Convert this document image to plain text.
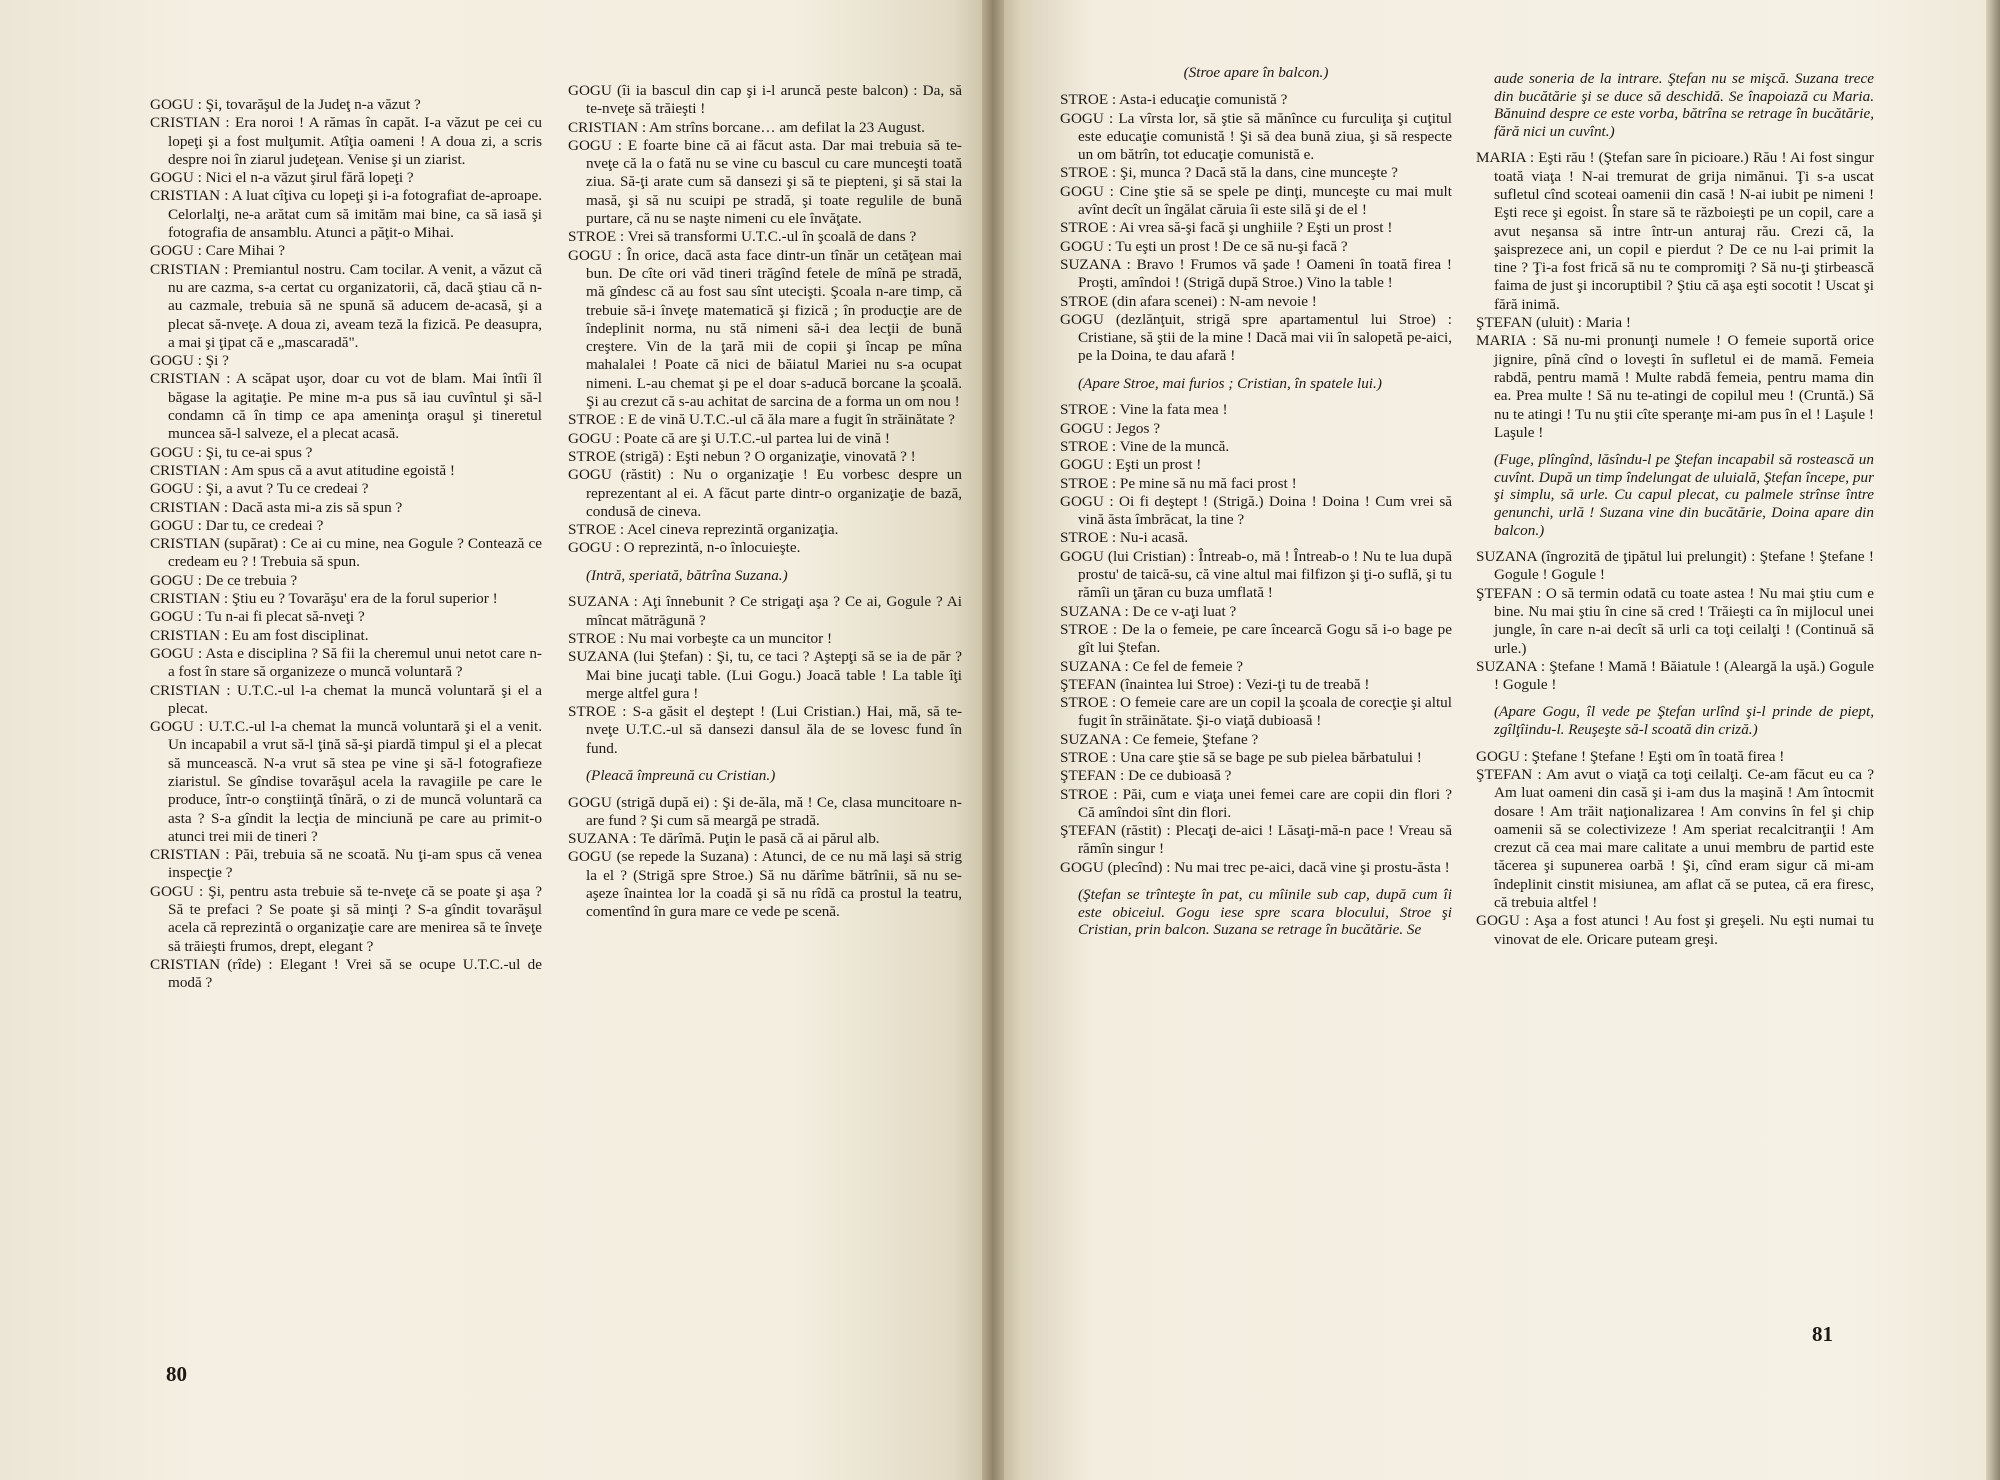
GOGU : Şi, tovarăşul de la Judeţ n-a văzut ?

CRISTIAN : Era noroi ! A rămas în capăt. I-a văzut pe cei cu lopeţi şi a fost mulţumit. Atîţia oameni ! A doua zi, a scris despre noi în ziarul judeţean. Venise şi un ziarist.

GOGU : Nici el n-a văzut şirul fără lopeţi ?

CRISTIAN : A luat cîţiva cu lopeţi şi i-a fotografiat de-aproape. Celorlalţi, ne-a arătat cum să imităm mai bine, ca să iasă şi fotografia de ansamblu. Atunci a păţit-o Mihai.

GOGU : Care Mihai ?

CRISTIAN : Premiantul nostru. Cam tocilar. A venit, a văzut că nu are cazma, s-a certat cu organizatorii, că, dacă ştiau că n-au cazmale, trebuia să ne spună să aducem de-acasă, şi a plecat să-nveţe. A doua zi, aveam teză la fizică. Pe deasupra, a mai şi ţipat că e „mascaradă".

GOGU : Şi ?

CRISTIAN : A scăpat uşor, doar cu vot de blam. Mai întîi îl băgase la agitaţie. Pe mine m-a pus să iau cuvîntul şi să-l condamn că în timp ce apa ameninţa oraşul şi tineretul muncea să-l salveze, el a plecat acasă.

GOGU : Şi, tu ce-ai spus ?

CRISTIAN : Am spus că a avut atitudine egoistă !

GOGU : Şi, a avut ? Tu ce credeai ?

CRISTIAN : Dacă asta mi-a zis să spun ?

GOGU : Dar tu, ce credeai ?

CRISTIAN (supărat) : Ce ai cu mine, nea Gogule ? Contează ce credeam eu ? ! Trebuia să spun.

GOGU : De ce trebuia ?

CRISTIAN : Ştiu eu ? Tovarăşu' era de la forul superior !

GOGU : Tu n-ai fi plecat să-nveţi ?

CRISTIAN : Eu am fost disciplinat.

GOGU : Asta e disciplina ? Să fii la cheremul unui netot care n-a fost în stare să organizeze o muncă voluntară ?

CRISTIAN : U.T.C.-ul l-a chemat la muncă voluntară şi el a plecat.

GOGU : U.T.C.-ul l-a chemat la muncă voluntară şi el a venit. Un incapabil a vrut să-l ţină să-şi piardă timpul şi el a plecat să muncească. N-a vrut să stea pe vine şi să-l fotografieze ziaristul. Se gîndise tovarăşul acela la ravagiile pe care le produce, într-o conştiinţă tînără, o zi de muncă voluntară ca asta ? S-a gîndit la lecţia de minciună pe care au primit-o atunci trei mii de tineri ?

CRISTIAN : Păi, trebuia să ne scoată. Nu ţi-am spus că venea inspecţie ?

GOGU : Şi, pentru asta trebuie să te-nveţe că se poate şi aşa ? Să te prefaci ? Se poate şi să minţi ? S-a gîndit tovarăşul acela că reprezintă o organizaţie care are menirea să te înveţe să trăieşti frumos, drept, elegant ?

CRISTIAN (rîde) : Elegant ! Vrei să se ocupe U.T.C.-ul de modă ?

GOGU (îi ia bascul din cap şi i-l aruncă peste balcon) : Da, să te-nveţe să trăieşti !

CRISTIAN : Am strîns borcane… am defilat la 23 August.

GOGU : E foarte bine că ai făcut asta. Dar mai trebuia să te-nveţe că la o fată nu se vine cu bascul cu care munceşti toată ziua. Să-ţi arate cum să dansezi şi să te piepteni, şi să stai la masă, şi să nu scuipi pe stradă, şi toate regulile de bună purtare, că nu se naşte nimeni cu ele învăţate.

STROE : Vrei să transformi U.T.C.-ul în şcoală de dans ?

GOGU : În orice, dacă asta face dintr-un tînăr un cetăţean mai bun. De cîte ori văd tineri trăgînd fetele de mînă pe stradă, mă gîndesc că au fost sau sînt utecişti. Şcoala n-are timp, că trebuie să-i înveţe matematică şi fizică ; în producţie are de îndeplinit norma, nu stă nimeni să-i dea lecţii de bună creştere. Vin de la ţară mii de copii şi încap pe mîna mahalalei ! Poate că nici de băiatul Mariei nu s-a ocupat nimeni. L-au chemat şi pe el doar s-aducă borcane la şcoală. Şi au crezut că s-au achitat de sarcina de a forma un om nou !

STROE : E de vină U.T.C.-ul că ăla mare a fugit în străinătate ?

GOGU : Poate că are şi U.T.C.-ul partea lui de vină !

STROE (strigă) : Eşti nebun ? O organizaţie, vinovată ? !

GOGU (răstit) : Nu o organizaţie ! Eu vorbesc despre un reprezentant al ei. A făcut parte dintr-o organizaţie de bază, condusă de cineva.

STROE : Acel cineva reprezintă organizaţia.

GOGU : O reprezintă, n-o înlocuieşte.

(Intră, speriată, bătrîna Suzana.)

SUZANA : Aţi înnebunit ? Ce strigaţi aşa ? Ce ai, Gogule ? Ai mîncat mătrăgună ?

STROE : Nu mai vorbeşte ca un muncitor !

SUZANA (lui Ştefan) : Şi, tu, ce taci ? Aştepţi să se ia de păr ? Mai bine jucaţi table. (Lui Gogu.) Joacă table ! La table îţi merge altfel gura !

STROE : S-a găsit el deştept ! (Lui Cristian.) Hai, mă, să te-nveţe U.T.C.-ul să dansezi dansul ăla de se lovesc fund în fund.

(Pleacă împreună cu Cristian.)

GOGU (strigă după ei) : Şi de-ăla, mă ! Ce, clasa muncitoare n-are fund ? Şi cum să meargă pe stradă.

SUZANA : Te dărîmă. Puţin le pasă că ai părul alb.

GOGU (se repede la Suzana) : Atunci, de ce nu mă laşi să strig la el ? (Strigă spre Stroe.) Să nu dărîme bătrînii, să nu se-aşeze înaintea lor la coadă şi să nu rîdă ca prostul la teatru, comentînd în gura mare ce vede pe scenă.

80

(Stroe apare în balcon.)

STROE : Asta-i educaţie comunistă ?

GOGU : La vîrsta lor, să ştie să mănînce cu furculiţa şi cuţitul este educaţie comunistă ! Şi să dea bună ziua, şi să respecte un om bătrîn, tot educaţie comunistă e.

STROE : Şi, munca ? Dacă stă la dans, cine munceşte ?

GOGU : Cine ştie să se spele pe dinţi, munceşte cu mai mult avînt decît un îngălat căruia îi este silă şi de el !

STROE : Ai vrea să-şi facă şi unghiile ? Eşti un prost !

GOGU : Tu eşti un prost ! De ce să nu-şi facă ?

SUZANA : Bravo ! Frumos vă şade ! Oameni în toată firea ! Proşti, amîndoi ! (Strigă după Stroe.) Vino la table !

STROE (din afara scenei) : N-am nevoie !

GOGU (dezlănţuit, strigă spre apartamentul lui Stroe) : Cristiane, să ştii de la mine ! Dacă mai vii în salopetă pe-aici, pe la Doina, te dau afară !

(Apare Stroe, mai furios ; Cristian, în spatele lui.)

STROE : Vine la fata mea !

GOGU : Jegos ?

STROE : Vine de la muncă.

GOGU : Eşti un prost !

STROE : Pe mine să nu mă faci prost !

GOGU : Oi fi deştept ! (Strigă.) Doina ! Doina ! Cum vrei să vină ăsta îmbrăcat, la tine ?

STROE : Nu-i acasă.

GOGU (lui Cristian) : Întreab-o, mă ! Întreab-o ! Nu te lua după prostu' de taică-su, că vine altul mai filfizon şi ţi-o suflă, şi tu rămîi un ţăran cu buza umflată !

SUZANA : De ce v-aţi luat ?

STROE : De la o femeie, pe care încearcă Gogu să i-o bage pe gît lui Ştefan.

SUZANA : Ce fel de femeie ?

ŞTEFAN (înaintea lui Stroe) : Vezi-ţi tu de treabă !

STROE : O femeie care are un copil la şcoala de corecţie şi altul fugit în străinătate. Şi-o viaţă dubioasă !

SUZANA : Ce femeie, Ştefane ?

STROE : Una care ştie să se bage pe sub pielea bărbatului !

ŞTEFAN : De ce dubioasă ?

STROE : Păi, cum e viaţa unei femei care are copii din flori ? Că amîndoi sînt din flori.

ŞTEFAN (răstit) : Plecaţi de-aici ! Lăsaţi-mă-n pace ! Vreau să rămîn singur !

GOGU (plecînd) : Nu mai trec pe-aici, dacă vine şi prostu-ăsta !

(Ştefan se trînteşte în pat, cu mîinile sub cap, după cum îi este obiceiul. Gogu iese spre scara blocului, Stroe şi Cristian, prin balcon. Suzana se retrage în bucătărie. Se

aude soneria de la intrare. Ştefan nu se mişcă. Suzana trece din bucătărie şi se duce să deschidă. Se înapoiază cu Maria. Bănuind despre ce este vorba, bătrîna se retrage în bucătărie, fără nici un cuvînt.)

MARIA : Eşti rău ! (Ştefan sare în picioare.) Rău ! Ai fost singur toată viaţa ! N-ai tremurat de grija nimănui. Ţi s-a uscat sufletul cînd scoteai oamenii din casă ! N-ai iubit pe nimeni ! Eşti rece şi egoist. În stare să te războieşti pe un copil, care a avut neşansa să intre într-un anturaj rău. Crezi că, la şaisprezece ani, un copil e pierdut ? De ce nu l-ai primit la tine ? Ţi-a fost frică să nu te compromiţi ? Să nu-ţi ştirbească faima de just şi incoruptibil ? Ştiu că aşa eşti socotit ! Uscat şi fără inimă.

ŞTEFAN (uluit) : Maria !

MARIA : Să nu-mi pronunţi numele ! O femeie suportă orice jignire, pînă cînd o loveşti în sufletul ei de mamă. Femeia rabdă, pentru mamă ! Multe rabdă femeia, pentru mama din ea. Prea multe ! Să nu te-atingi de copilul meu ! (Cruntă.) Să nu te atingi ! Tu nu ştii cîte speranţe mi-am pus în el ! Laşule ! Laşule !

(Fuge, plîngînd, lăsîndu-l pe Ştefan incapabil să rostească un cuvînt. După un timp îndelungat de uluială, Ştefan începe, pur şi simplu, să urle. Cu capul plecat, cu palmele strînse între genunchi, urlă ! Suzana vine din bucătărie, Doina apare din balcon.)

SUZANA (îngrozită de ţipătul lui prelungit) : Ştefane ! Ştefane ! Gogule ! Gogule !

ŞTEFAN : O să termin odată cu toate astea ! Nu mai ştiu cum e bine. Nu mai ştiu în cine să cred ! Trăieşti ca în mijlocul unei jungle, în care n-ai decît să urli ca toţi ceilalţi ! (Continuă să urle.)

SUZANA : Ştefane ! Mamă ! Băiatule ! (Aleargă la uşă.) Gogule ! Gogule !

(Apare Gogu, îl vede pe Ştefan urlînd şi-l prinde de piept, zgîlţîindu-l. Reuşeşte să-l scoată din criză.)

GOGU : Ştefane ! Ştefane ! Eşti om în toată firea !

ŞTEFAN : Am avut o viaţă ca toţi ceilalţi. Ce-am făcut eu ca ? Am luat oameni din casă şi i-am dus la maşină ! Am întocmit dosare ! Am trăit naţionalizarea ! Am convins în fel şi chip oamenii să se colectivizeze ! Am speriat recalcitranţii ! Am crezut că cea mai mare calitate a unui membru de partid este tăcerea şi supunerea oarbă ! Şi, cînd eram sigur că mi-am îndeplinit cinstit misiunea, am aflat că se putea, că era firesc, că trebuia altfel !

GOGU : Aşa a fost atunci ! Au fost şi greşeli. Nu eşti numai tu vinovat de ele. Oricare puteam greşi.

81
